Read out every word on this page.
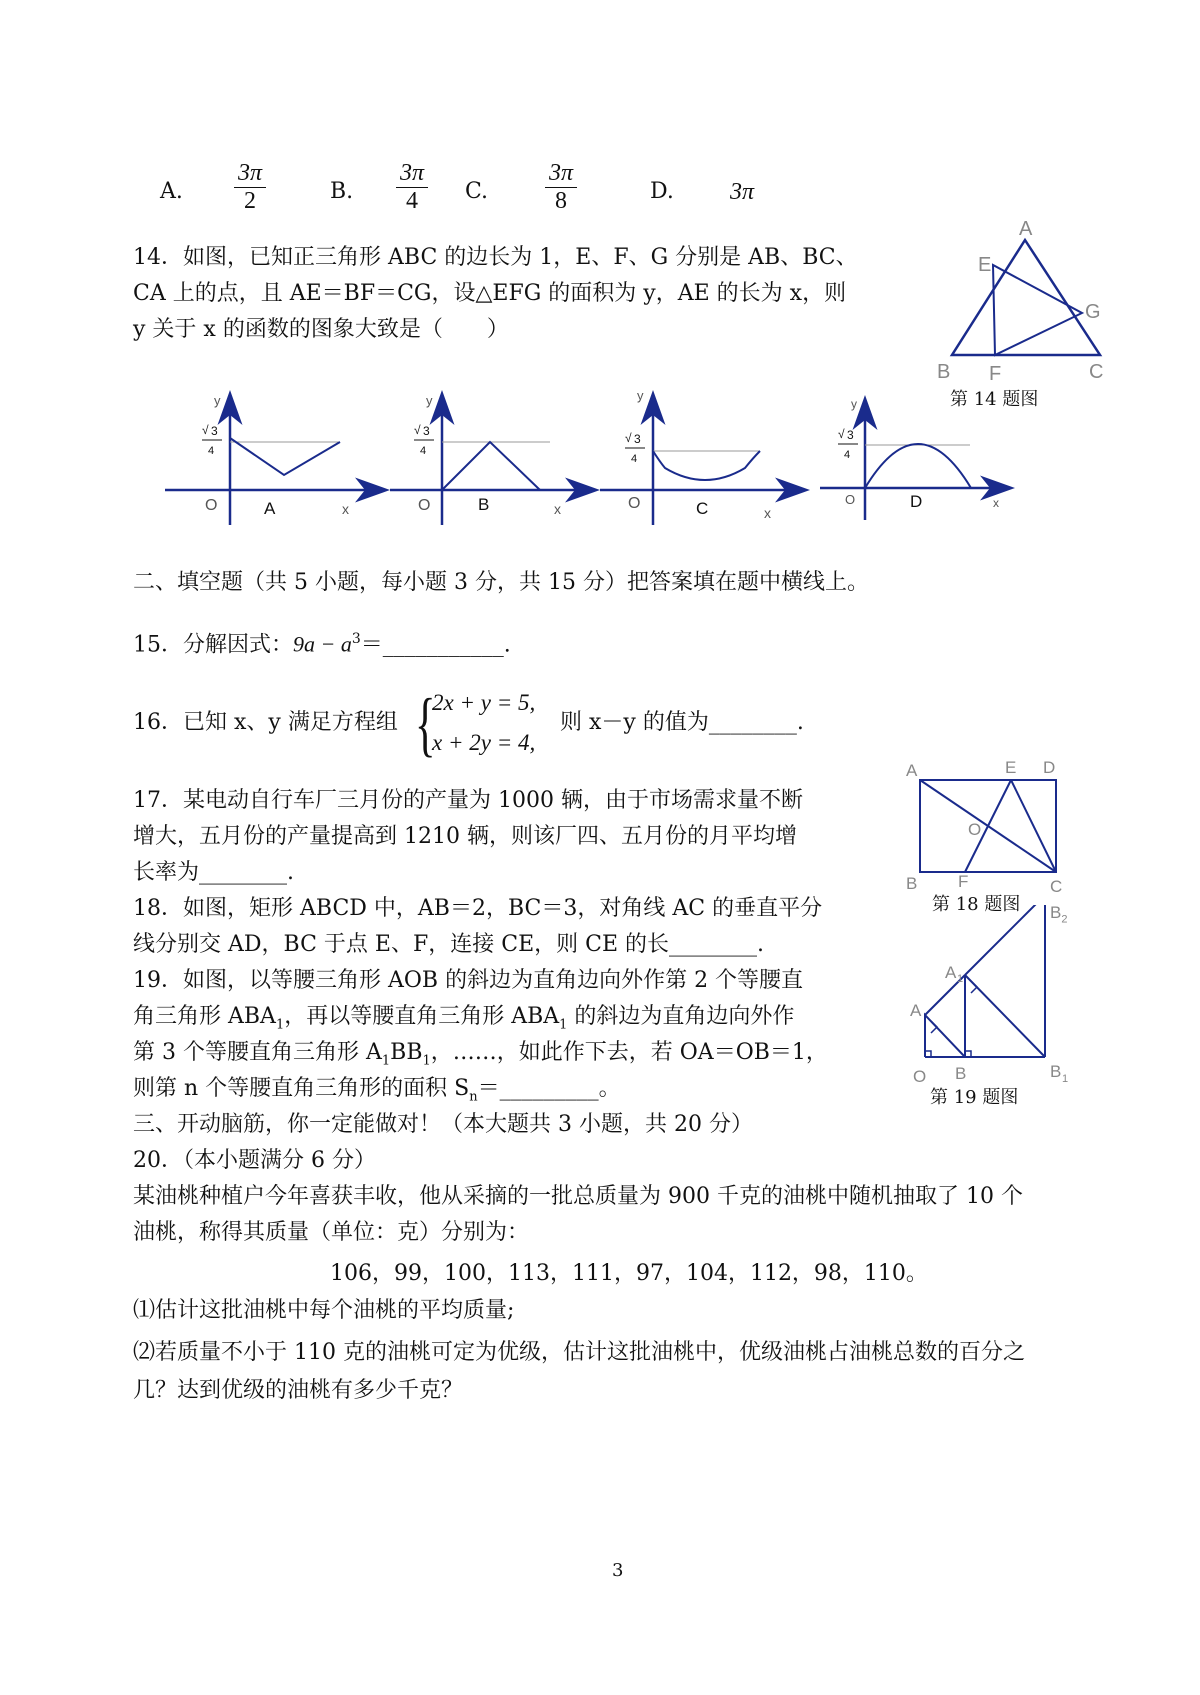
A. $\frac{3\pi}{2}$	B. $\frac{3\pi}{4} C$. $\frac{3\pi}{8}$	D. 3π
14．如图，已知正三角形 ABC 的边长为 1，E、F、G 分别是 AB、BC、
CA 上的点，且 AE＝BF＝CG，设△EFG 的面积为 y，AE 的长为 x，则
y 关于 x 的函数的图象大致是（　　）
A
E
G
B F	C
第 14 题图
y
√ 3
4
O	A	x
y
√ 3
4
O	B	x
y
√ 3
4
O	C	x
y
√ 3
4
O	D	x
二、填空题（共 5 小题，每小题 3 分，共 15 分）把答案填在题中横线上。
15．分解因式：$9a - a^3=\_\_\_\_\_\_\_\_\_\_\_$.
16．已知 x、y 满足方程组 {
2x + y = 5,
x + 2y = 4,
则 x－y 的值为________.
17．某电动自行车厂三月份的产量为 1000 辆，由于市场需求量不断
增大，五月份的产量提高到 1210 辆，则该厂四、五月份的月平均增
长率为________.
A	E D
O
B F	C
第 18 题图
18．如图，矩形 ABCD 中，AB＝2，BC＝3，对角线 AC 的垂直平分
线分别交 AD，BC 于点 E、F，连接 CE，则 CE 的长________.
A
A 1
O B	B 1
$B_2$
第 19 题图
19．如图，以等腰三角形 AOB 的斜边为直角边向外作第 2 个等腰直
角三角形 $ABA_1$，再以等腰直角三角形 $ABA_1$ 的斜边为直角边向外作
第 3 个等腰直角三角形 $A_1BB_1$，……，如此作下去，若 OA＝OB＝1，
则第 n 个等腰直角三角形的面积 $S_n=\_\_\_\_\_\_\_\_\_$。
三、开动脑筋，你一定能做对！（本大题共 3 小题，共 20 分）
20．（本小题满分 6 分）
某油桃种植户今年喜获丰收，他从采摘的一批总质量为 900 千克的油桃中随机抽取了 10 个
油桃，称得其质量（单位：克）分别为：
106，99，100，113，111，97，104，112，98，110。
⑴估计这批油桃中每个油桃的平均质量;
⑵若质量不小于 110 克的油桃可定为优级，估计这批油桃中，优级油桃占油桃总数的百分之
几？达到优级的油桃有多少千克？
3
